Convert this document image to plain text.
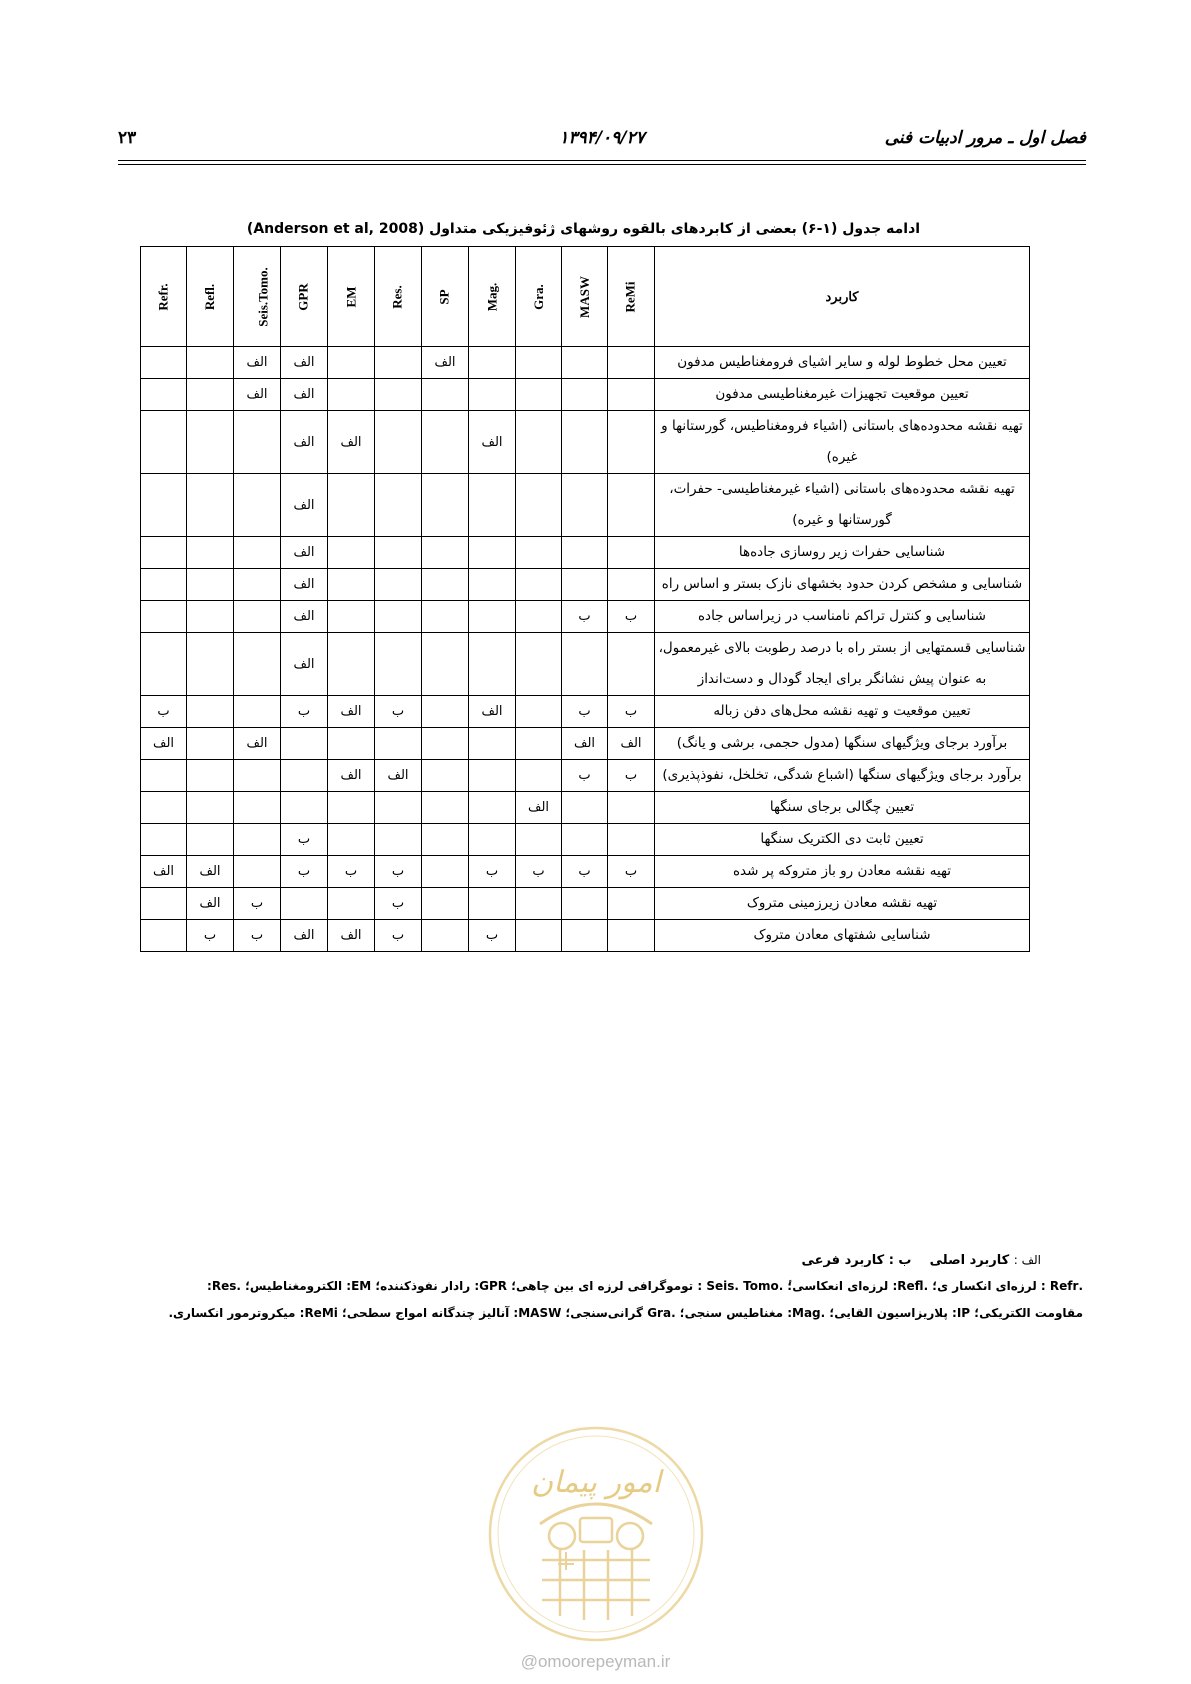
۲۳	۱۳۹۴/۰۹/۲۷	فصل اول ـ مرور ادبیات فنی
ادامه جدول (۱-۶) بعضی از کابردهای بالقوه روشهای ژئوفیزیکی متداول (Anderson et al, 2008)
Refr.	Refl.	Seis.Tomo.	GPR	EM	Res.	SP	Mag.	Gra.	MASW	ReMi	کاربرد
		الف	الف			الف					تعیین محل خطوط لوله و سایر اشیای فرومغناطیس مدفون
		الف	الف								تعیین موقعیت تجهیزات غیرمغناطیسی مدفون
			الف	الف			الف				تهیه نقشه محدوده‌های باستانی (اشیاء فرومغناطیس، گورستانها و غیره)
			الف								تهیه نقشه محدوده‌های باستانی (اشیاء غیرمغناطیسی- حفرات، گورستانها و غیره)
			الف								شناسایی حفرات زیر روسازی جاده‌ها
			الف								شناسایی و مشخص کردن حدود بخشهای نازک بستر و اساس راه
			الف						ب	ب	شناسایی و کنترل تراکم نامناسب در زیراساس جاده
			الف								شناسایی قسمتهایی از بستر راه با درصد رطوبت بالای غیرمعمول، به عنوان پیش نشانگر برای ایجاد گودال و دست‌انداز
ب			ب	الف	ب		الف		ب	ب	تعیین موقعیت و تهیه نقشه محل‌های دفن زباله
الف		الف							الف	الف	برآورد برجای ویژگیهای سنگها (مدول حجمی، برشی و یانگ)
				الف	الف				ب	ب	برآورد برجای ویژگیهای سنگها (اشباع شدگی، تخلخل، نفوذپذیری)
								الف			تعیین چگالی برجای سنگها
			ب								تعیین ثابت دی الکتریک سنگها
الف	الف		ب	ب	ب		ب	ب	ب	ب	تهیه نقشه معادن رو باز متروکه پر شده
	الف	ب			ب						تهیه نقشه معادن زیرزمینی متروک
	ب	ب	الف	الف	ب		ب				شناسایی شفتهای معادن متروک
الف : کاربرد اصلی    ب : کاربرد فرعی
.Refr : لرزه‌ای انکسار ی؛ .Refl: لرزه‌ای انعکاسی؛ٔ .Seis. Tomo : توموگرافی لرزه ای بین چاهی؛ GPR: رادار نفوذکننده؛ EM: الکترومغناطیس؛ .Res:
مقاومت الکتریکی؛ IP: پلاریزاسیون القایی؛ .Mag: مغناطیس سنجی؛ .Gra گرانی‌سنجی؛ MASW: آنالیز چندگانه امواج سطحی؛ ReMi: میکروترمور انکساری.
امور پیمان
@omoorepeyman.ir
